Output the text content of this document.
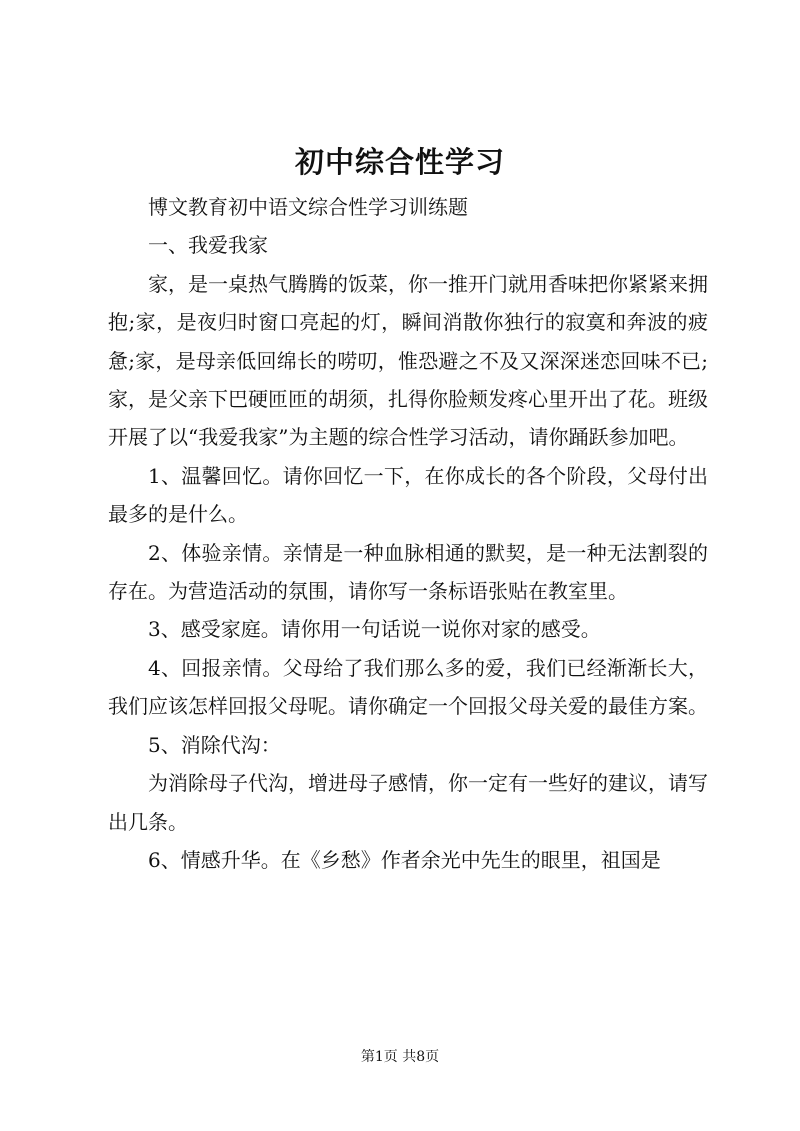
初中综合性学习

博文教育初中语文综合性学习训练题

一、我爱我家

家，是一桌热气腾腾的饭菜，你一推开门就用香味把你紧紧来拥抱;家，是夜归时窗口亮起的灯，瞬间消散你独行的寂寞和奔波的疲惫;家，是母亲低回绵长的唠叨，惟恐避之不及又深深迷恋回味不已;家，是父亲下巴硬匝匝的胡须，扎得你脸颊发疼心里开出了花。班级开展了以“我爱我家”为主题的综合性学习活动，请你踊跃参加吧。

1、温馨回忆。请你回忆一下，在你成长的各个阶段，父母付出最多的是什么。

2、体验亲情。亲情是一种血脉相通的默契，是一种无法割裂的存在。为营造活动的氛围，请你写一条标语张贴在教室里。

3、感受家庭。请你用一句话说一说你对家的感受。

4、回报亲情。父母给了我们那么多的爱，我们已经渐渐长大，我们应该怎样回报父母呢。请你确定一个回报父母关爱的最佳方案。

5、消除代沟：

为消除母子代沟，增进母子感情，你一定有一些好的建议，请写出几条。

6、情感升华。在《乡愁》作者余光中先生的眼里，祖国是

第1页 共8页
